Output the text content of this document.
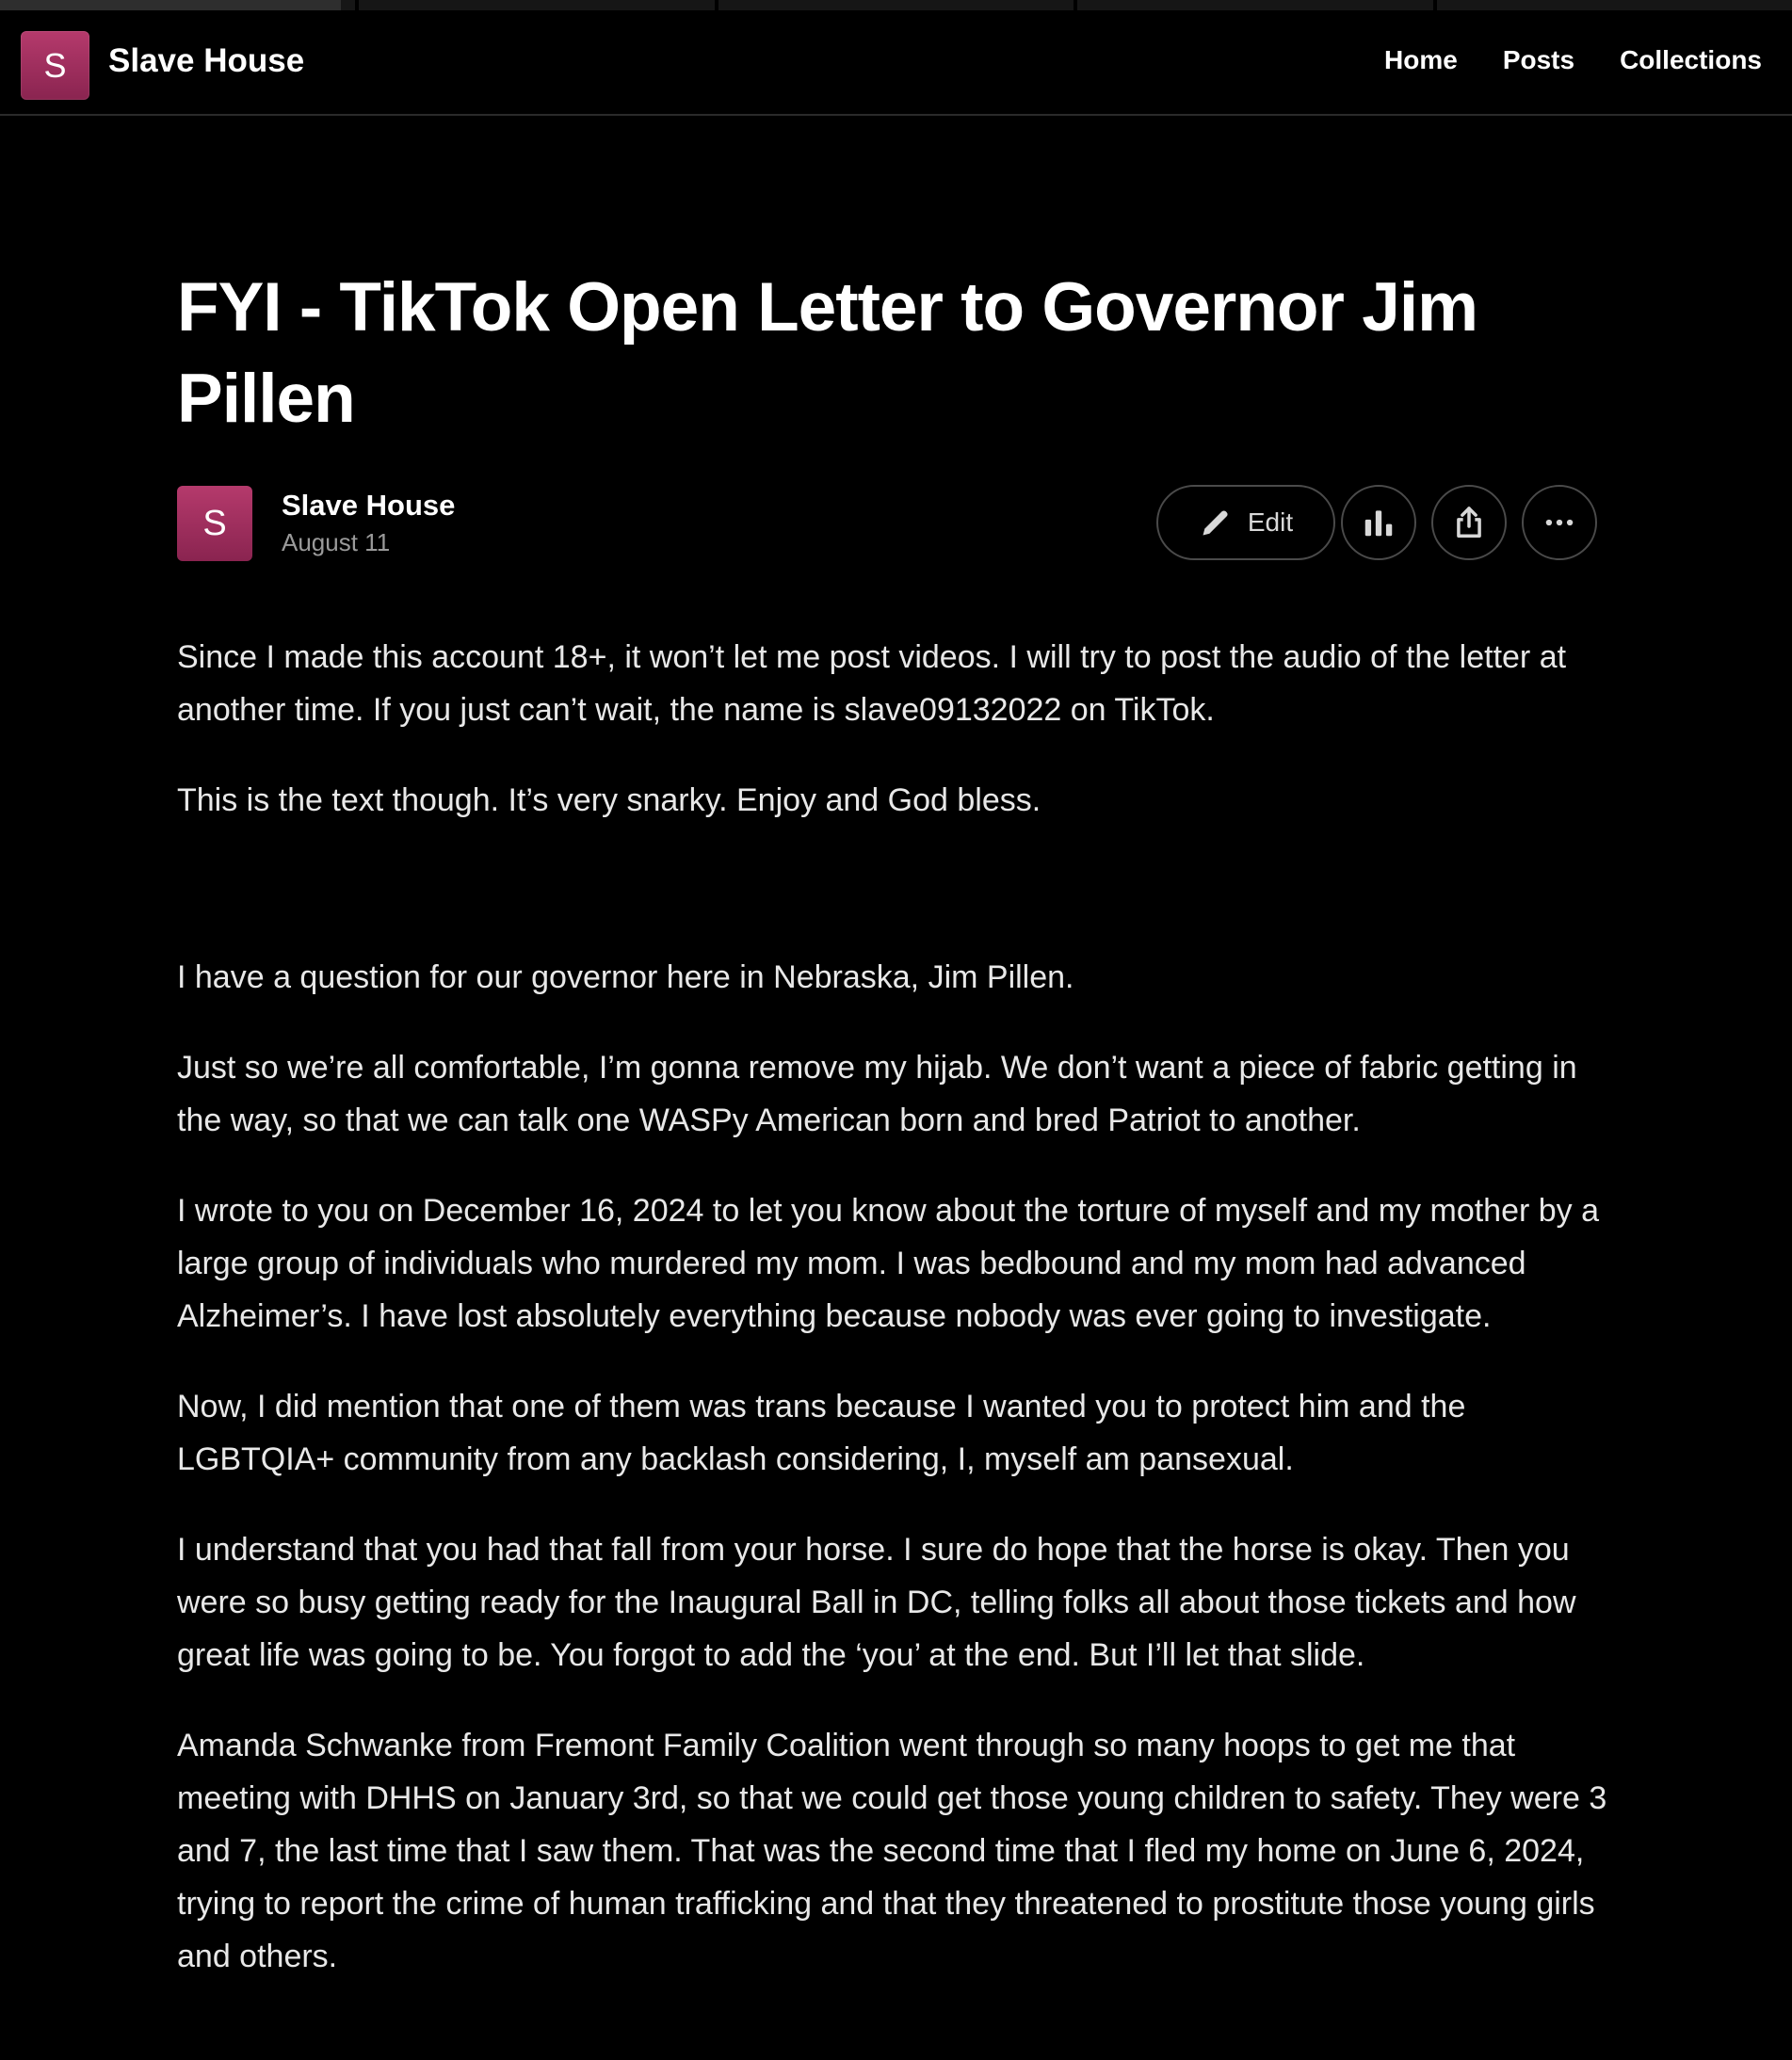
S	Slave House	Home Posts Collections
FYI - TikTok Open Letter to Governor Jim Pillen
S	Slave House
August 11
Edit

Since I made this account 18+, it won’t let me post videos. I will try to post the audio of the letter at another time. If you just can’t wait, the name is slave09132022 on TikTok.

This is the text though. It’s very snarky. Enjoy and God bless.

I have a question for our governor here in Nebraska, Jim Pillen.

Just so we’re all comfortable, I’m gonna remove my hijab. We don’t want a piece of fabric getting in the way, so that we can talk one WASPy American born and bred Patriot to another.

I wrote to you on December 16, 2024 to let you know about the torture of myself and my mother by a large group of individuals who murdered my mom. I was bedbound and my mom had advanced Alzheimer’s. I have lost absolutely everything because nobody was ever going to investigate.

Now, I did mention that one of them was trans because I wanted you to protect him and the LGBTQIA+ community from any backlash considering, I, myself am pansexual.

I understand that you had that fall from your horse. I sure do hope that the horse is okay. Then you were so busy getting ready for the Inaugural Ball in DC, telling folks all about those tickets and how great life was going to be. You forgot to add the ‘you’ at the end. But I’ll let that slide.

Amanda Schwanke from Fremont Family Coalition went through so many hoops to get me that meeting with DHHS on January 3rd, so that we could get those young children to safety. They were 3 and 7, the last time that I saw them. That was the second time that I fled my home on June 6, 2024, trying to report the crime of human trafficking and that they threatened to prostitute those young girls and others.
